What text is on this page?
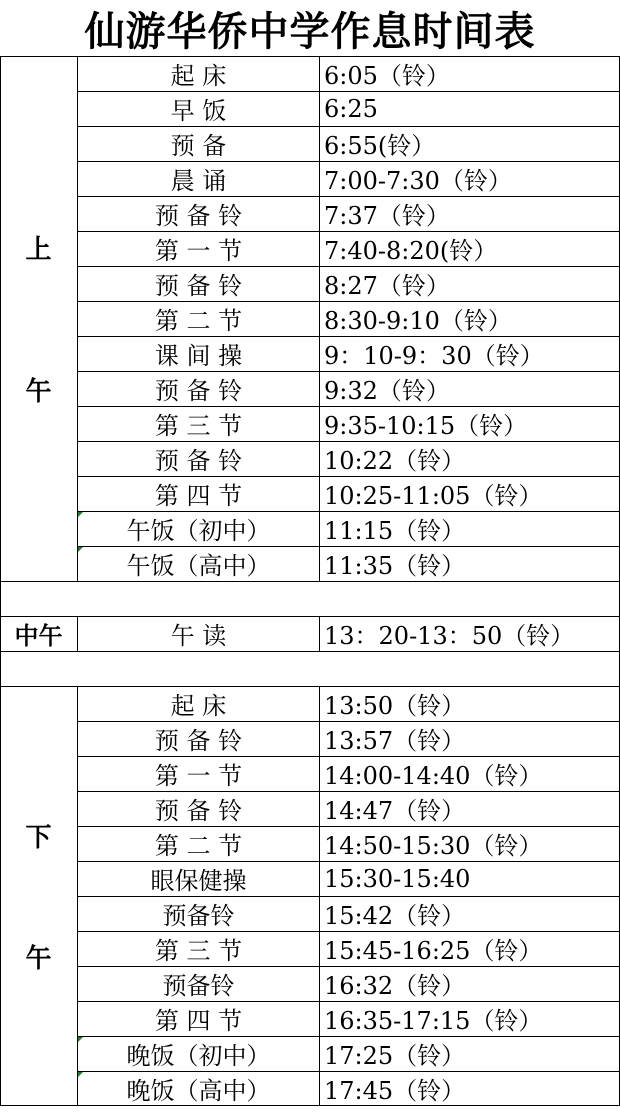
仙游华侨中学作息时间表
上
午
起 床	6:05（铃）
早 饭	6:25
预 备	6:55(铃）
晨 诵	7:00-7:30（铃）
预 备 铃	7:37（铃）
第 一 节	7:40-8:20(铃）
预 备 铃	8:27（铃）
第 二 节	8:30-9:10（铃）
课 间 操	9：10-9：30（铃）
预 备 铃	9:32（铃）
第 三 节	9:35-10:15（铃）
预 备 铃	10:22（铃）
第 四 节	10:25-11:05（铃）
午饭（初中）	11:15（铃）
午饭（高中）	11:35（铃）
中午	午 读	13：20-13：50（铃）
下
午
起 床	13:50（铃）
预 备 铃	13:57（铃）
第 一 节	14:00-14:40（铃）
预 备 铃	14:47（铃）
第 二 节	14:50-15:30（铃）
眼保健操	15:30-15:40
预备铃	15:42（铃）
第 三 节	15:45-16:25（铃）
预备铃	16:32（铃）
第 四 节	16:35-17:15（铃）
晚饭（初中）	17:25（铃）
晚饭（高中）	17:45（铃）
